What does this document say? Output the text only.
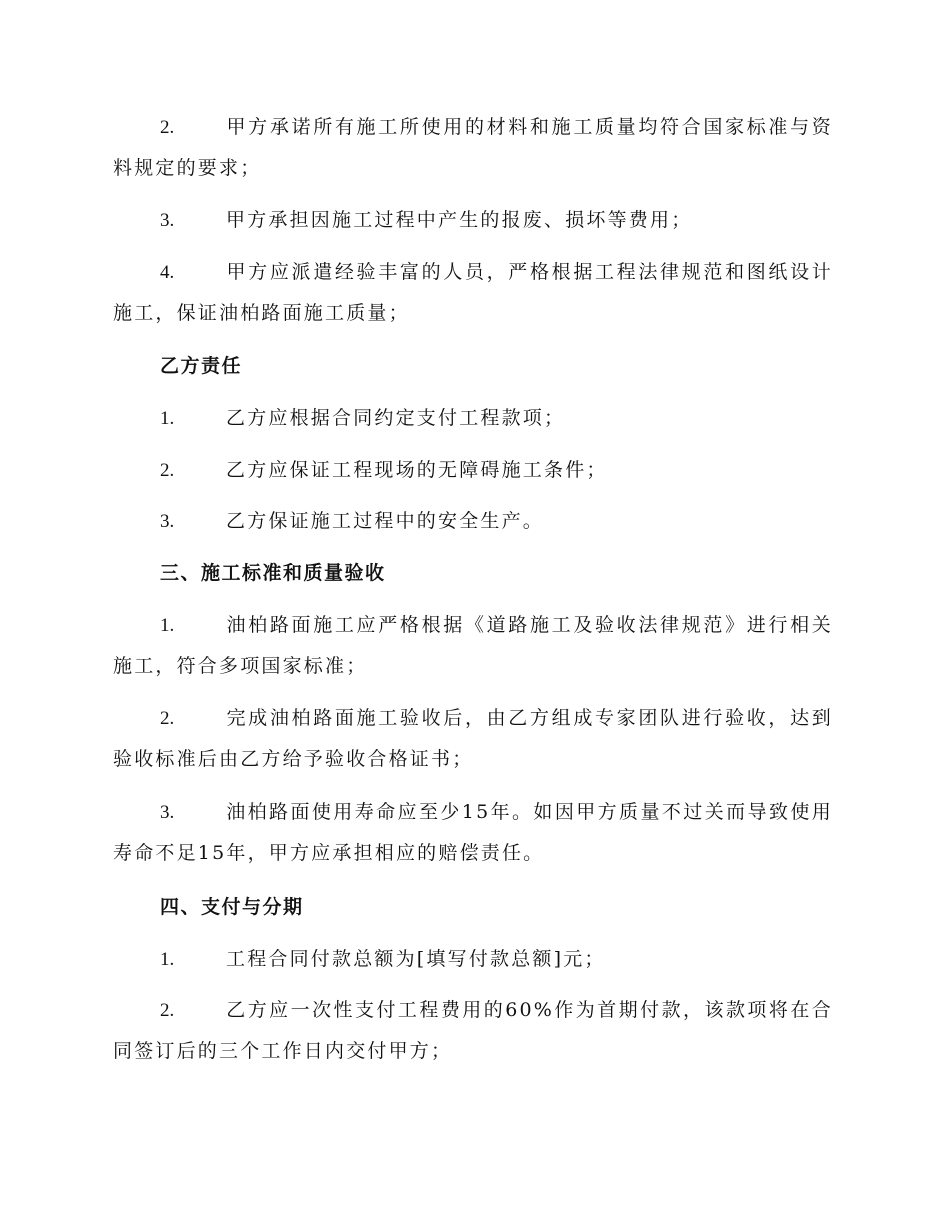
2.	甲方承诺所有施工所使用的材料和施工质量均符合国家标准与资料规定的要求；

3.	甲方承担因施工过程中产生的报废、损坏等费用；

4.	甲方应派遣经验丰富的人员，严格根据工程法律规范和图纸设计施工，保证油柏路面施工质量；

乙方责任

1.	乙方应根据合同约定支付工程款项；

2.	乙方应保证工程现场的无障碍施工条件；

3.	乙方保证施工过程中的安全生产。

三、施工标准和质量验收

1.	油柏路面施工应严格根据《道路施工及验收法律规范》进行相关施工，符合多项国家标准；

2.	完成油柏路面施工验收后，由乙方组成专家团队进行验收，达到验收标准后由乙方给予验收合格证书；

3.	油柏路面使用寿命应至少15年。如因甲方质量不过关而导致使用寿命不足15年，甲方应承担相应的赔偿责任。

四、支付与分期

1.	工程合同付款总额为[填写付款总额]元；

2.	乙方应一次性支付工程费用的60%作为首期付款，该款项将在合同签订后的三个工作日内交付甲方；
